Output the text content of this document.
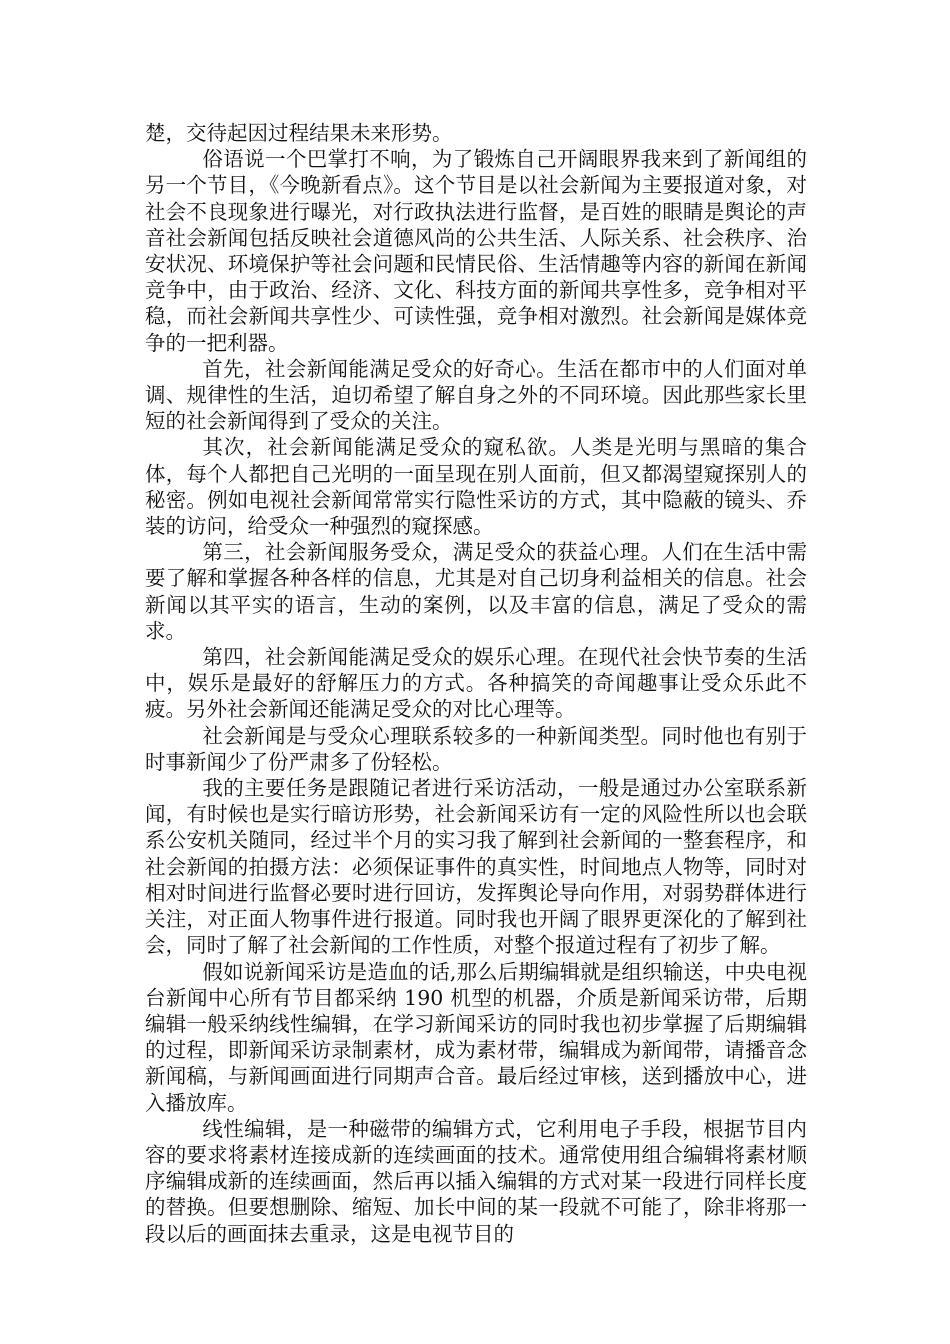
楚，交待起因过程结果未来形势。

俗语说一个巴掌打不响，为了锻炼自己开阔眼界我来到了新闻组的另一个节目，《今晚新看点》。这个节目是以社会新闻为主要报道对象，对社会不良现象进行曝光，对行政执法进行监督，是百姓的眼睛是舆论的声音社会新闻包括反映社会道德风尚的公共生活、人际关系、社会秩序、治安状况、环境保护等社会问题和民情民俗、生活情趣等内容的新闻在新闻竞争中，由于政治、经济、文化、科技方面的新闻共享性多，竞争相对平稳，而社会新闻共享性少、可读性强，竞争相对激烈。社会新闻是媒体竞争的一把利器。

首先，社会新闻能满足受众的好奇心。生活在都市中的人们面对单调、规律性的生活，迫切希望了解自身之外的不同环境。因此那些家长里短的社会新闻得到了受众的关注。

其次，社会新闻能满足受众的窥私欲。人类是光明与黑暗的集合体，每个人都把自己光明的一面呈现在别人面前，但又都渴望窥探别人的秘密。例如电视社会新闻常常实行隐性采访的方式，其中隐蔽的镜头、乔装的访问，给受众一种强烈的窥探感。

第三，社会新闻服务受众，满足受众的获益心理。人们在生活中需要了解和掌握各种各样的信息，尤其是对自己切身利益相关的信息。社会新闻以其平实的语言，生动的案例，以及丰富的信息，满足了受众的需求。

第四，社会新闻能满足受众的娱乐心理。在现代社会快节奏的生活中，娱乐是最好的舒解压力的方式。各种搞笑的奇闻趣事让受众乐此不疲。另外社会新闻还能满足受众的对比心理等。

社会新闻是与受众心理联系较多的一种新闻类型。同时他也有别于时事新闻少了份严肃多了份轻松。

我的主要任务是跟随记者进行采访活动，一般是通过办公室联系新闻，有时候也是实行暗访形势，社会新闻采访有一定的风险性所以也会联系公安机关随同，经过半个月的实习我了解到社会新闻的一整套程序，和社会新闻的拍摄方法：必须保证事件的真实性，时间地点人物等，同时对相对时间进行监督必要时进行回访，发挥舆论导向作用，对弱势群体进行关注，对正面人物事件进行报道。同时我也开阔了眼界更深化的了解到社会，同时了解了社会新闻的工作性质，对整个报道过程有了初步了解。

假如说新闻采访是造血的话,那么后期编辑就是组织输送，中央电视台新闻中心所有节目都采纳 190 机型的机器，介质是新闻采访带，后期编辑一般采纳线性编辑，在学习新闻采访的同时我也初步掌握了后期编辑的过程，即新闻采访录制素材，成为素材带，编辑成为新闻带，请播音念新闻稿，与新闻画面进行同期声合音。最后经过审核，送到播放中心，进入播放库。

线性编辑，是一种磁带的编辑方式，它利用电子手段，根据节目内容的要求将素材连接成新的连续画面的技术。通常使用组合编辑将素材顺序编辑成新的连续画面，然后再以插入编辑的方式对某一段进行同样长度的替换。但要想删除、缩短、加长中间的某一段就不可能了，除非将那一段以后的画面抹去重录，这是电视节目的
